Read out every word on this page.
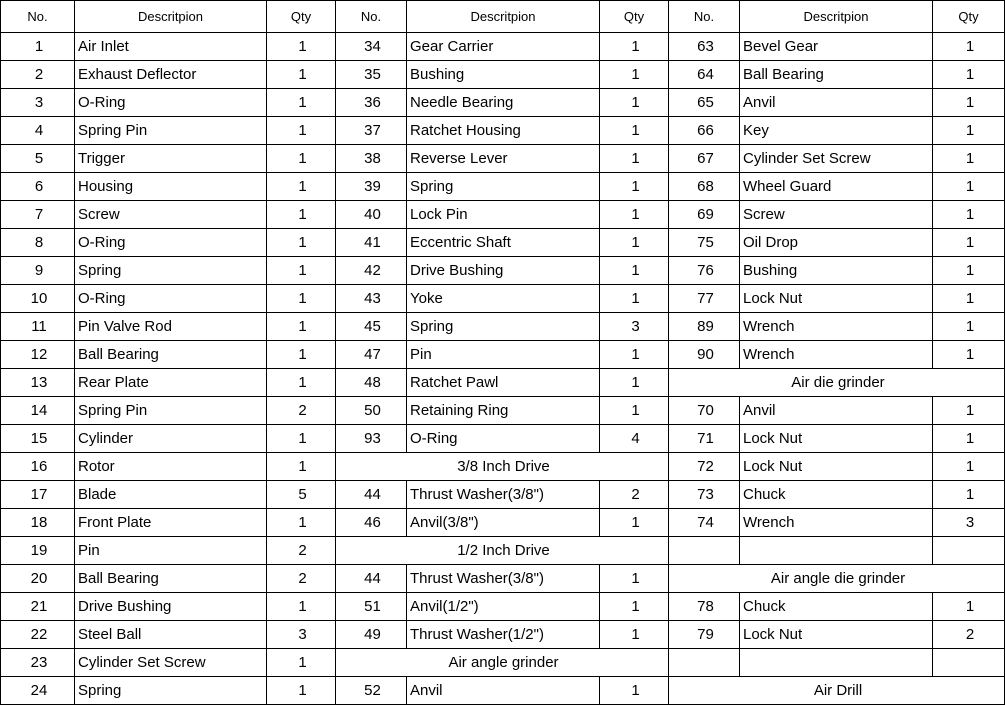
No.	Descritpion	Qty	No.	Descritpion	Qty	No.	Descritpion	Qty
1	Air Inlet	1	34	Gear Carrier	1	63	Bevel Gear	1
2	Exhaust Deflector	1	35	Bushing	1	64	Ball Bearing	1
3	O-Ring	1	36	Needle Bearing	1	65	Anvil	1
4	Spring Pin	1	37	Ratchet Housing	1	66	Key	1
5	Trigger	1	38	Reverse Lever	1	67	Cylinder Set Screw	1
6	Housing	1	39	Spring	1	68	Wheel Guard	1
7	Screw	1	40	Lock Pin	1	69	Screw	1
8	O-Ring	1	41	Eccentric Shaft	1	75	Oil Drop	1
9	Spring	1	42	Drive Bushing	1	76	Bushing	1
10	O-Ring	1	43	Yoke	1	77	Lock Nut	1
11	Pin Valve Rod	1	45	Spring	3	89	Wrench	1
12	Ball Bearing	1	47	Pin	1	90	Wrench	1
13	Rear Plate	1	48	Ratchet Pawl	1	Air die grinder		
14	Spring Pin	2	50	Retaining Ring	1	70	Anvil	1
15	Cylinder	1	93	O-Ring	4	71	Lock Nut	1
16	Rotor	1	3/8 Inch Drive			72	Lock Nut	1
17	Blade	5	44	Thrust Washer(3/8")	2	73	Chuck	1
18	Front Plate	1	46	Anvil(3/8")	1	74	Wrench	3
19	Pin	2	1/2 Inch Drive					
20	Ball Bearing	2	44	Thrust Washer(3/8")	1	Air angle die grinder		
21	Drive Bushing	1	51	Anvil(1/2")	1	78	Chuck	1
22	Steel Ball	3	49	Thrust Washer(1/2")	1	79	Lock Nut	2
23	Cylinder Set Screw	1	Air angle grinder					
24	Spring	1	52	Anvil	1	Air Drill		
